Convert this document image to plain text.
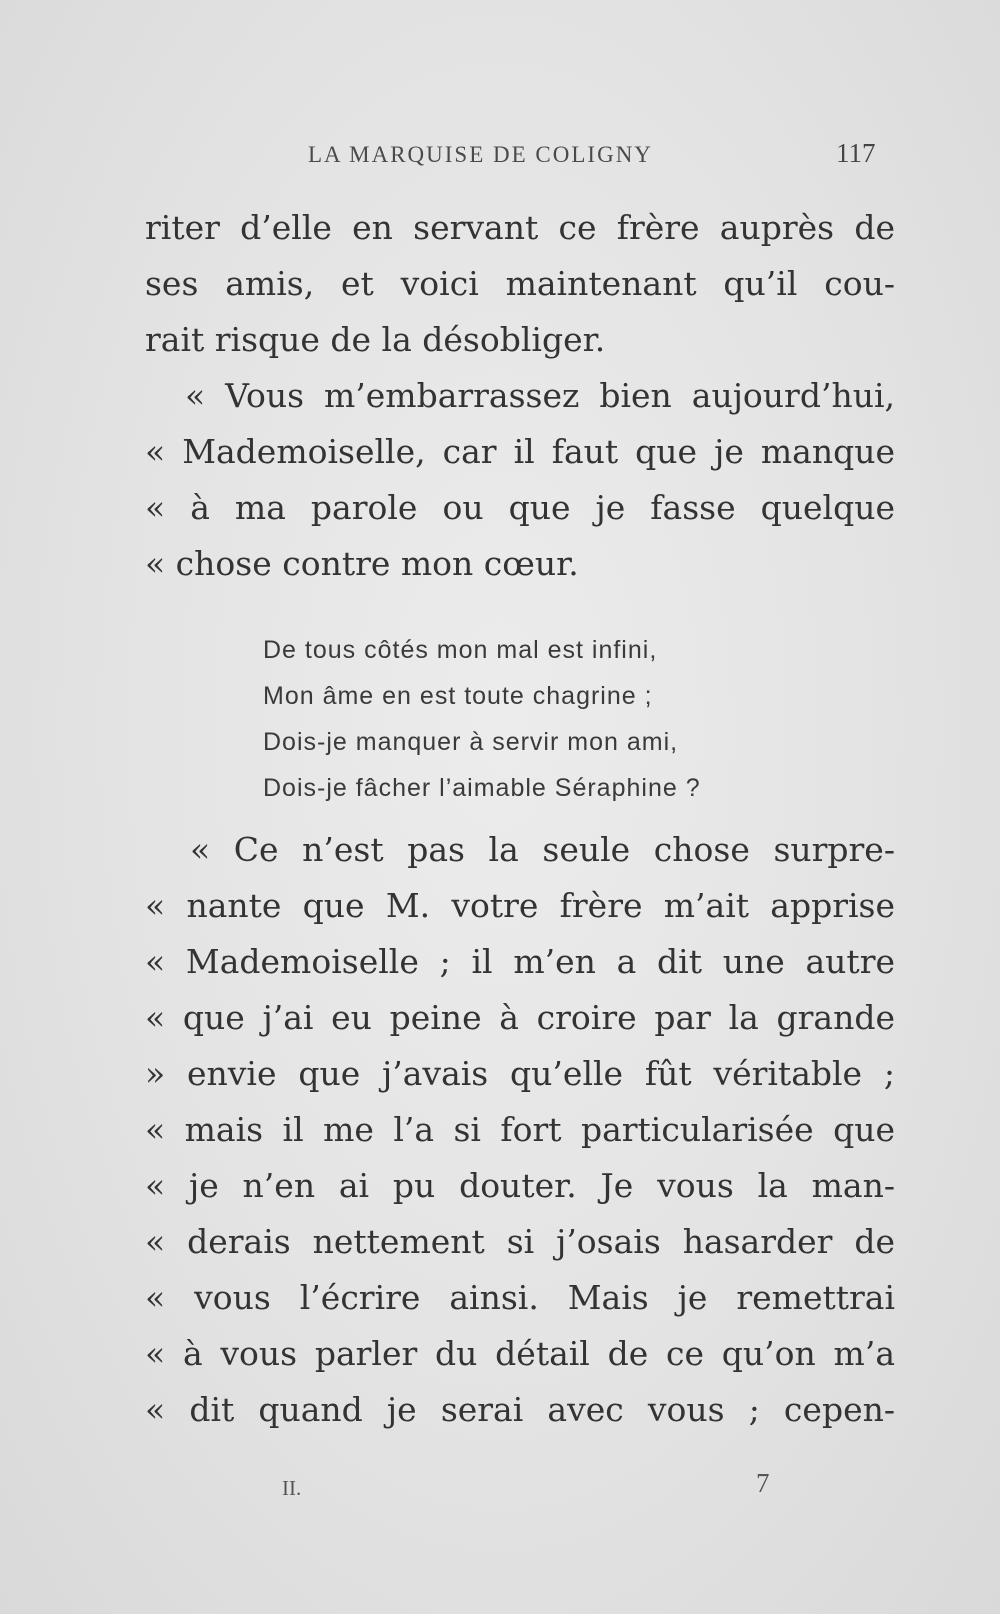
LA MARQUISE DE COLIGNY	117
riter d’elle en servant ce frère auprès de
ses amis, et voici maintenant qu’il cou-
rait risque de la désobliger.
« Vous m’embarrassez bien aujourd’hui,
« Mademoiselle, car il faut que je manque
« à ma parole ou que je fasse quelque
« chose contre mon cœur.
De tous côtés mon mal est infini,
Mon âme en est toute chagrine ;
Dois-je manquer à servir mon ami,
Dois-je fâcher l’aimable Séraphine ?
« Ce n’est pas la seule chose surpre-
« nante que M. votre frère m’ait apprise
« Mademoiselle ; il m’en a dit une autre
« que j’ai eu peine à croire par la grande
» envie que j’avais qu’elle fût véritable ;
« mais il me l’a si fort particularisée que
« je n’en ai pu douter. Je vous la man-
« derais nettement si j’osais hasarder de
« vous l’écrire ainsi. Mais je remettrai
« à vous parler du détail de ce qu’on m’a
« dit quand je serai avec vous ; cepen-
II.	7
